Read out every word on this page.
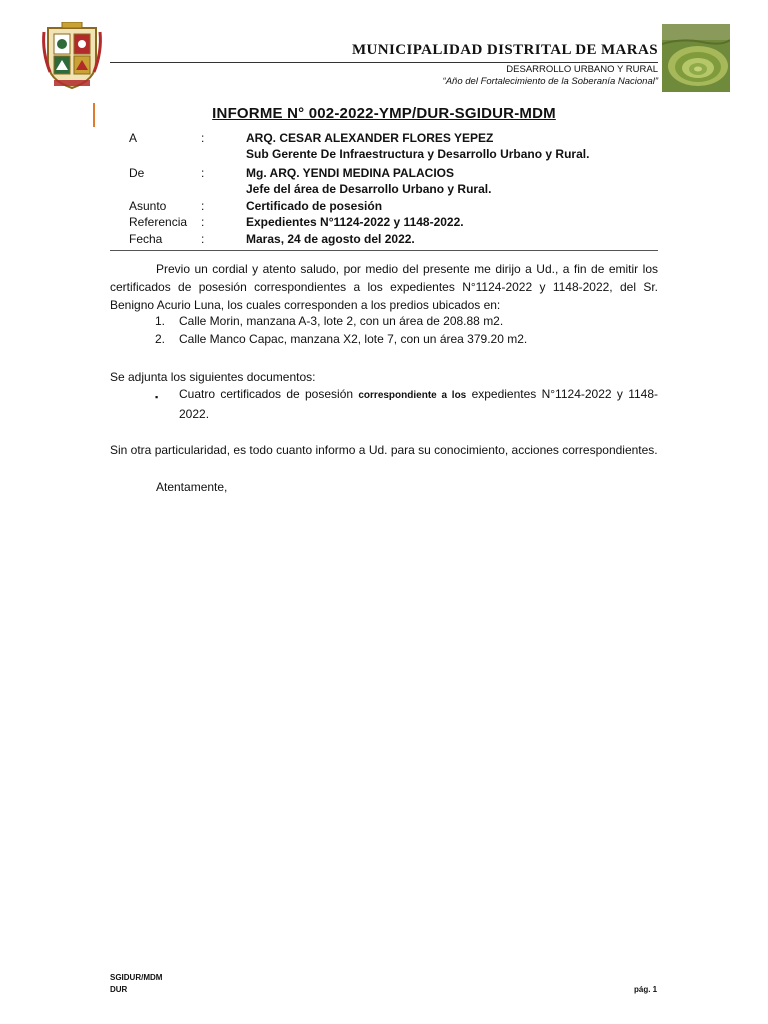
MUNICIPALIDAD DISTRITAL DE MARAS
DESARROLLO URBANO Y RURAL
“Año del Fortalecimiento de la Soberanía Nacional”
INFORME N° 002-2022-YMP/DUR-SGIDUR-MDM
A	:	ARQ. CESAR ALEXANDER FLORES YEPEZ
Sub Gerente De Infraestructura y Desarrollo Urbano y Rural.
De	:	Mg. ARQ. YENDI MEDINA PALACIOS
Jefe del área de Desarrollo Urbano y Rural.
Asunto	:	Certificado de posesión
Referencia :	Expedientes N°1124-2022 y 1148-2022.
Fecha	:	Maras, 24 de agosto del 2022.
Previo un cordial y atento saludo, por medio del presente me dirijo a Ud., a fin de emitir los certificados de posesión correspondientes a los expedientes N°1124-2022 y 1148-2022, del Sr. Benigno Acurio Luna, los cuales corresponden a los predios ubicados en:
1. Calle Morin, manzana A-3, lote 2, con un área de 208.88 m2.
2. Calle Manco Capac, manzana X2, lote 7, con un área 379.20 m2.
Se adjunta los siguientes documentos:
▪	Cuatro certificados de posesión correspondiente a los expedientes N°1124-2022 y 1148-2022.
Sin otra particularidad, es todo cuanto informo a Ud. para su conocimiento, acciones correspondientes.
Atentamente,
SGIDUR/MDM
DUR	pág. 1
